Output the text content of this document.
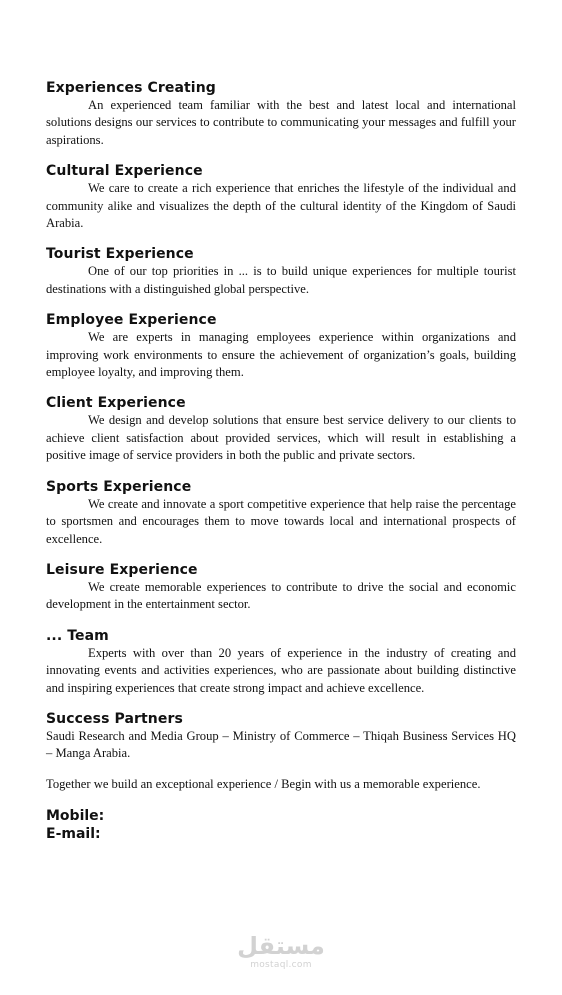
Experiences Creating

An experienced team familiar with the best and latest local and international solutions designs our services to contribute to communicating your messages and fulfill your aspirations.

Cultural Experience

We care to create a rich experience that enriches the lifestyle of the individual and community alike and visualizes the depth of the cultural identity of the Kingdom of Saudi Arabia.

Tourist Experience

One of our top priorities in ... is to build unique experiences for multiple tourist destinations with a distinguished global perspective.

Employee Experience

We are experts in managing employees experience within organizations and improving work environments to ensure the achievement of organization’s goals, building employee loyalty, and improving them.

Client Experience

We design and develop solutions that ensure best service delivery to our clients to achieve client satisfaction about provided services, which will result in establishing a positive image of service providers in both the public and private sectors.

Sports Experience

We create and innovate a sport competitive experience that help raise the percentage to sportsmen and encourages them to move towards local and international prospects of excellence.

Leisure Experience

We create memorable experiences to contribute to drive the social and economic development in the entertainment sector.

... Team

Experts with over than 20 years of experience in the industry of creating and innovating events and activities experiences, who are passionate about building distinctive and inspiring experiences that create strong impact and achieve excellence.

Success Partners

Saudi Research and Media Group – Ministry of Commerce – Thiqah Business Services HQ – Manga Arabia.

Together we build an exceptional experience / Begin with us a memorable experience.

Mobile:

E-mail:

مستقل
mostaql.com
